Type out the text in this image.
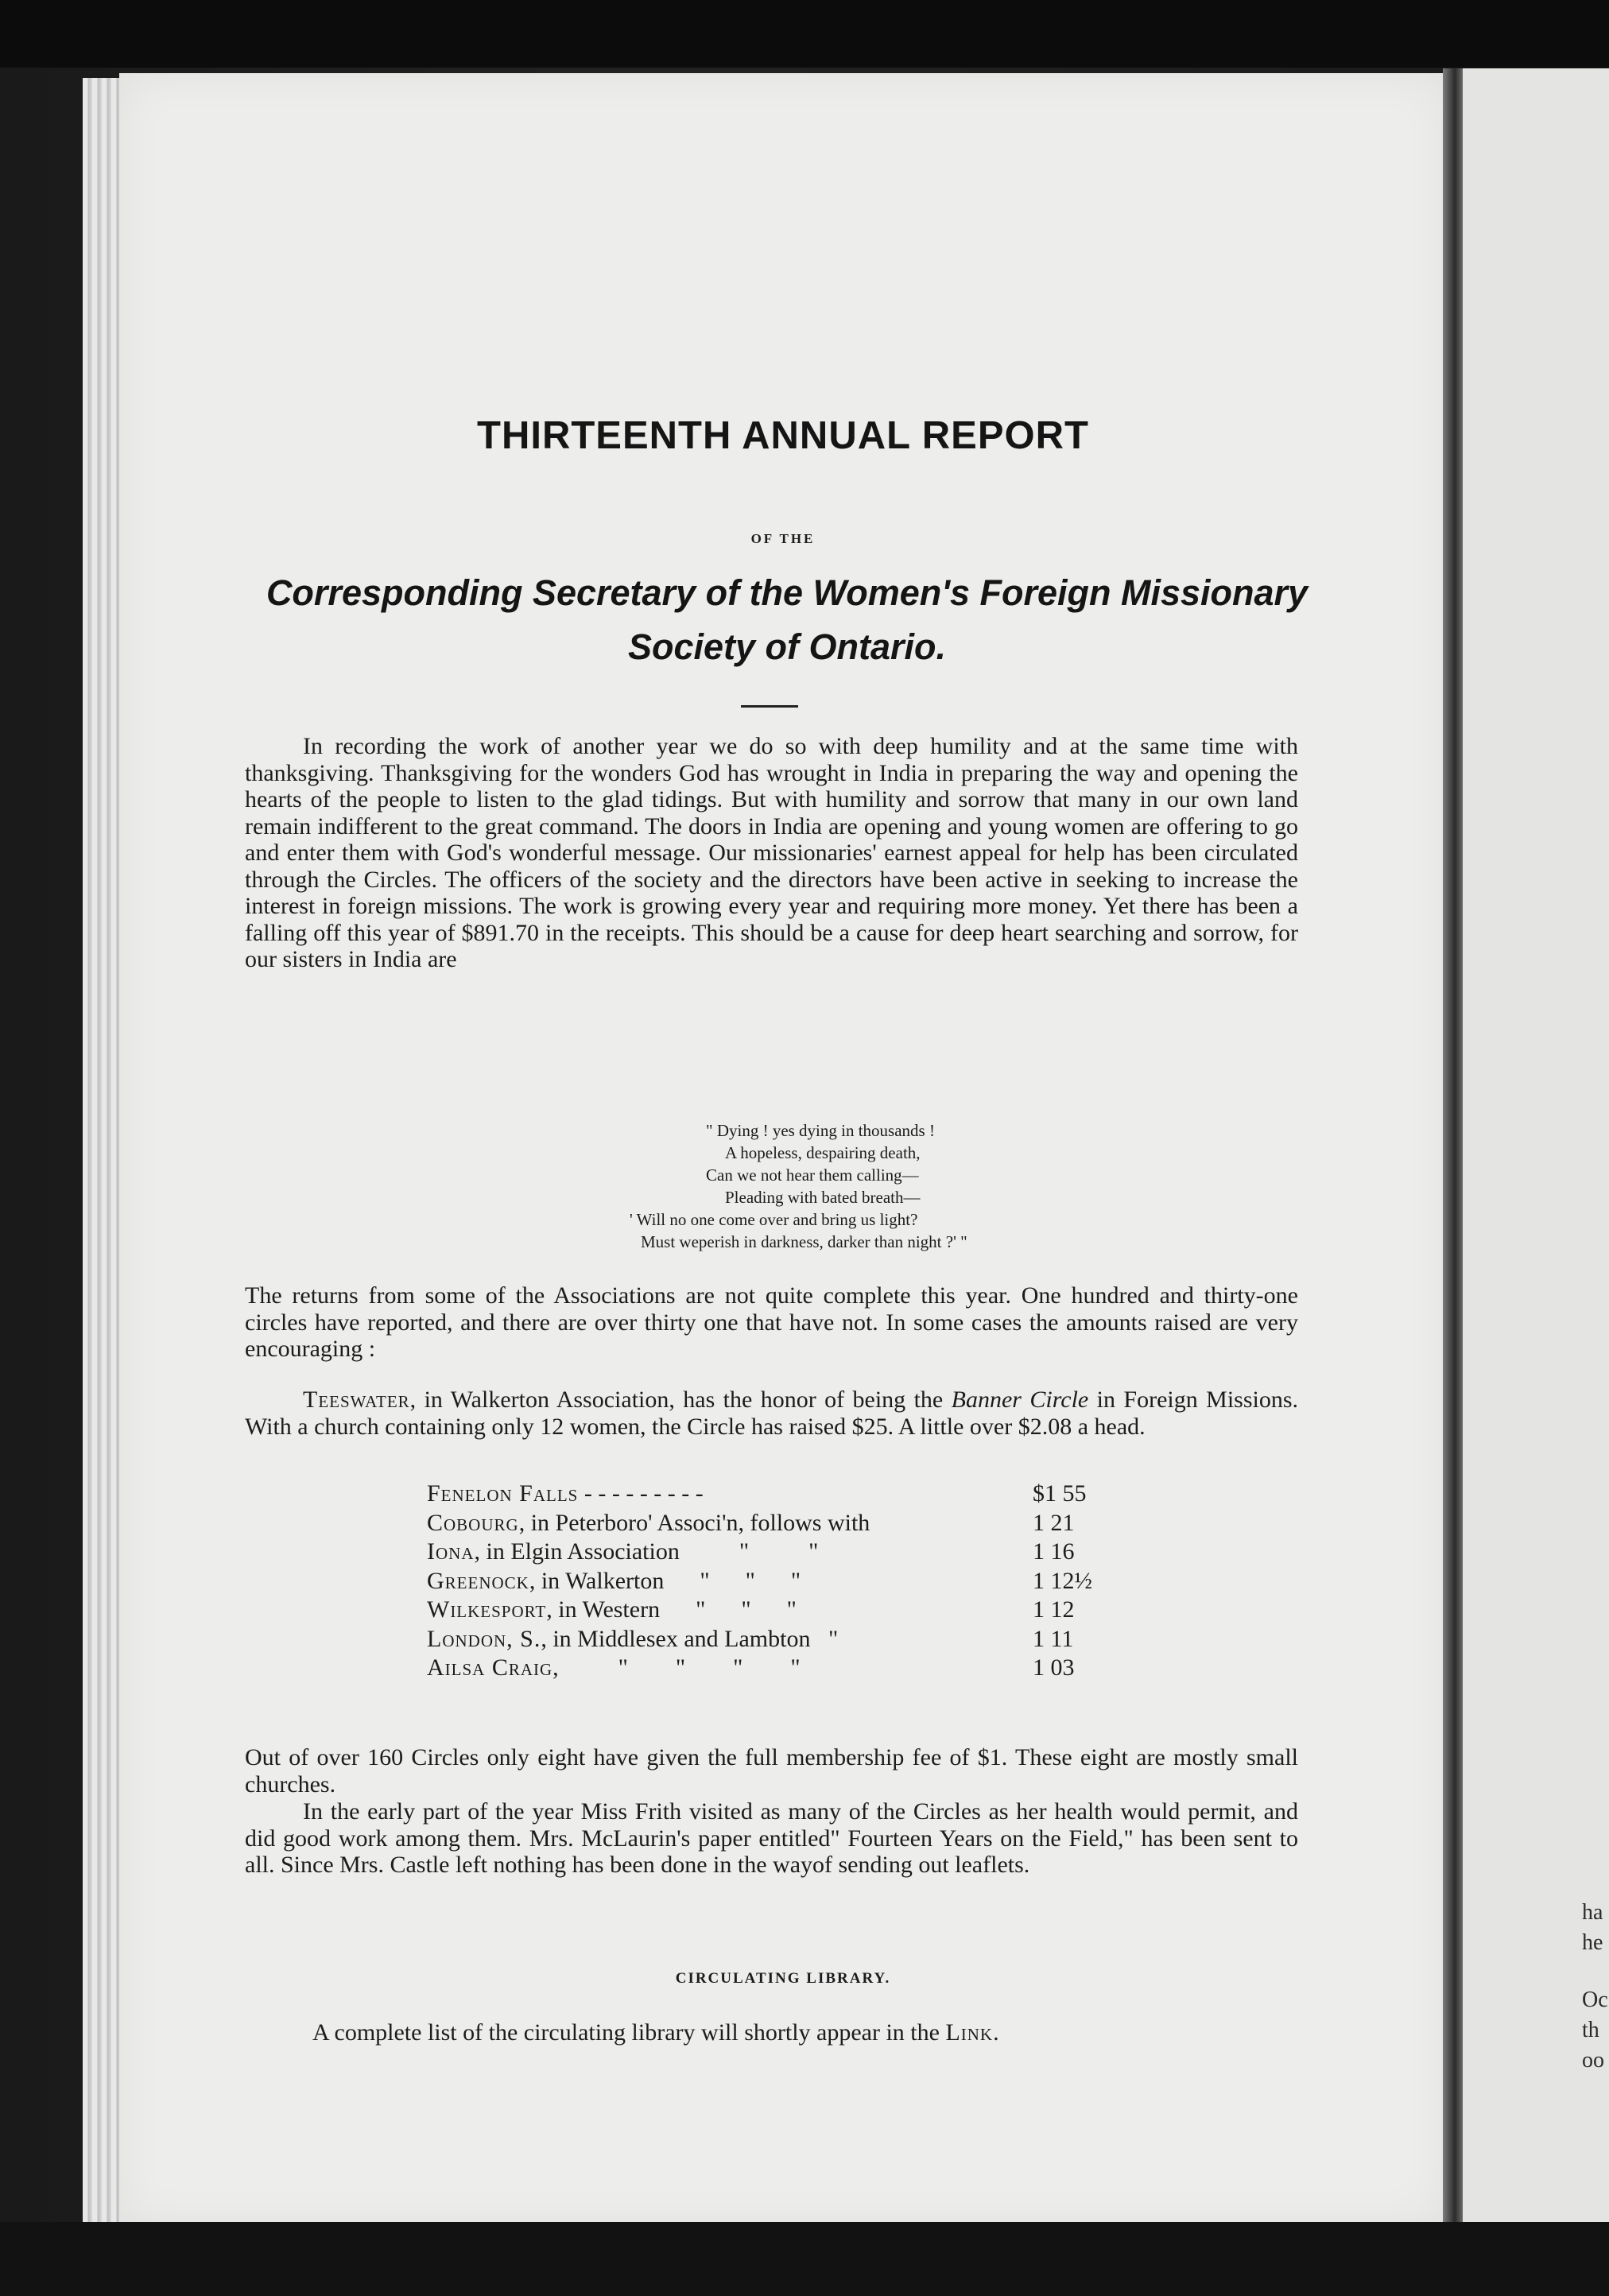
ha
he
Oc
th
oo
THIRTEENTH ANNUAL REPORT
OF THE
Corresponding Secretary of the Women's Foreign Missionary Society of Ontario.
In recording the work of another year we do so with deep humility and at the same time with thanksgiving. Thanksgiving for the wonders God has wrought in India in preparing the way and opening the hearts of the people to listen to the glad tidings. But with humility and sorrow that many in our own land remain indifferent to the great command. The doors in India are opening and young women are offering to go and enter them with God's wonderful message. Our missionaries' earnest appeal for help has been circulated through the Circles. The officers of the society and the directors have been active in seeking to increase the interest in foreign missions. The work is growing every year and requiring more money. Yet there has been a falling off this year of $891.70 in the receipts. This should be a cause for deep heart searching and sorrow, for our sisters in India are
" Dying ! yes dying in thousands !
A hopeless, despairing death,
Can we not hear them calling—
Pleading with bated breath—
' Will no one come over and bring us light?
Must weperish in darkness, darker than night ?' "
The returns from some of the Associations are not quite complete this year. One hundred and thirty-one circles have reported, and there are over thirty one that have not. In some cases the amounts raised are very encouraging :
Teeswater, in Walkerton Association, has the honor of being the Banner Circle in Foreign Missions. With a church containing only 12 women, the Circle has raised $25. A little over $2.08 a head.
Fenelon Falls - - - - - - - - -	$1 55
Cobourg, in Peterboro' Associ'n, follows with	1 21
Iona, in Elgin Association          "          "	1 16
Greenock, in Walkerton      "      "      "	1 12½
Wilkesport, in Western      "      "      "	1 12
London, S., in Middlesex and Lambton   "	1 11
Ailsa Craig,          "        "        "        "	1 03
Out of over 160 Circles only eight have given the full membership fee of $1. These eight are mostly small churches.
In the early part of the year Miss Frith visited as many of the Circles as her health would permit, and did good work among them. Mrs. McLaurin's paper entitled" Fourteen Years on the Field," has been sent to all. Since Mrs. Castle left nothing has been done in the wayof sending out leaflets.
CIRCULATING LIBRARY.
A complete list of the circulating library will shortly appear in the Link.
